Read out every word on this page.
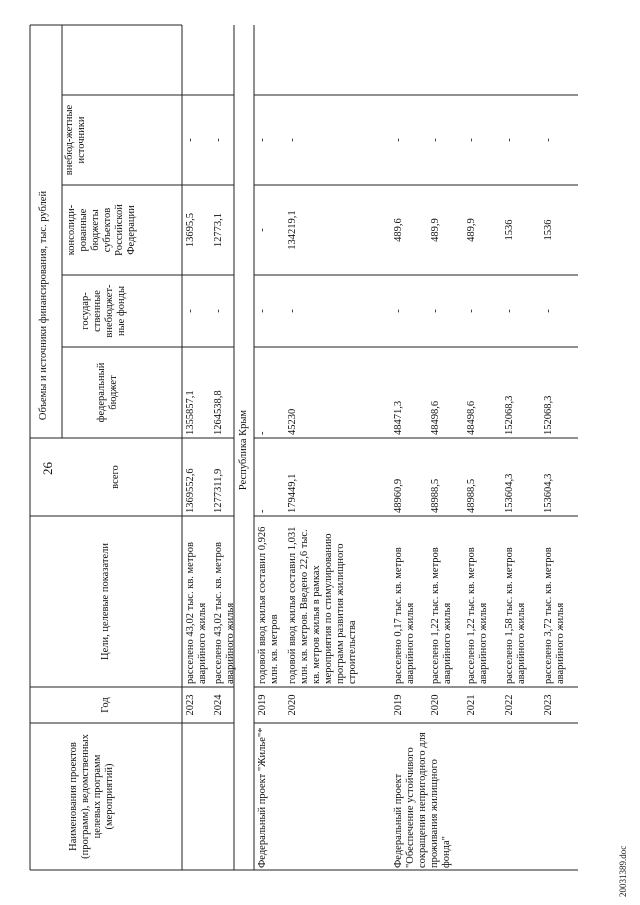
26
Наименования проектов (программ), ведомственных целевых программ (мероприятий)
Год
Цели, целевые показатели
Объемы и источники финансирования, тыс. рублей
всего
федеральный бюджет
государ-ственные внебюджет-ные фонды
консолиди-рованные бюджеты субъектов Российской Федерации
внебюд-жетные источники
Республика Крым
2023
расселено 43,02 тыс. кв. метров аварийного жилья
1369552,6
1355857,1
-
13695,5
-
2024
расселено 43,02 тыс. кв. метров аварийного жилья
1277311,9
1264538,8
-
12773,1
-
Федеральный проект "Жилье"*
2019
годовой ввод жилья составил 0,926 млн. кв. метров
-
-
-
-
-
2020
годовой ввод жилья составил 1,031 млн. кв. метров. Введено 22,6 тыс. кв. метров жилья в рамках мероприятия по стимулированию программ развития жилищного строительства
179449,1
45230
-
134219,1
-
Федеральный проект "Обеспечение устойчивого сокращения непригодного для проживания жилищного фонда"
2019
расселено 0,17 тыс. кв. метров аварийного жилья
48960,9
48471,3
-
489,6
-
2020
расселено 1,22 тыс. кв. метров аварийного жилья
48988,5
48498,6
-
489,9
-
2021
расселено 1,22 тыс. кв. метров аварийного жилья
48988,5
48498,6
-
489,9
-
2022
расселено 1,58 тыс. кв. метров аварийного жилья
153604,3
152068,3
-
1536
-
2023
расселено 3,72 тыс. кв. метров аварийного жилья
153604,3
152068,3
-
1536
-
20031389.doc
